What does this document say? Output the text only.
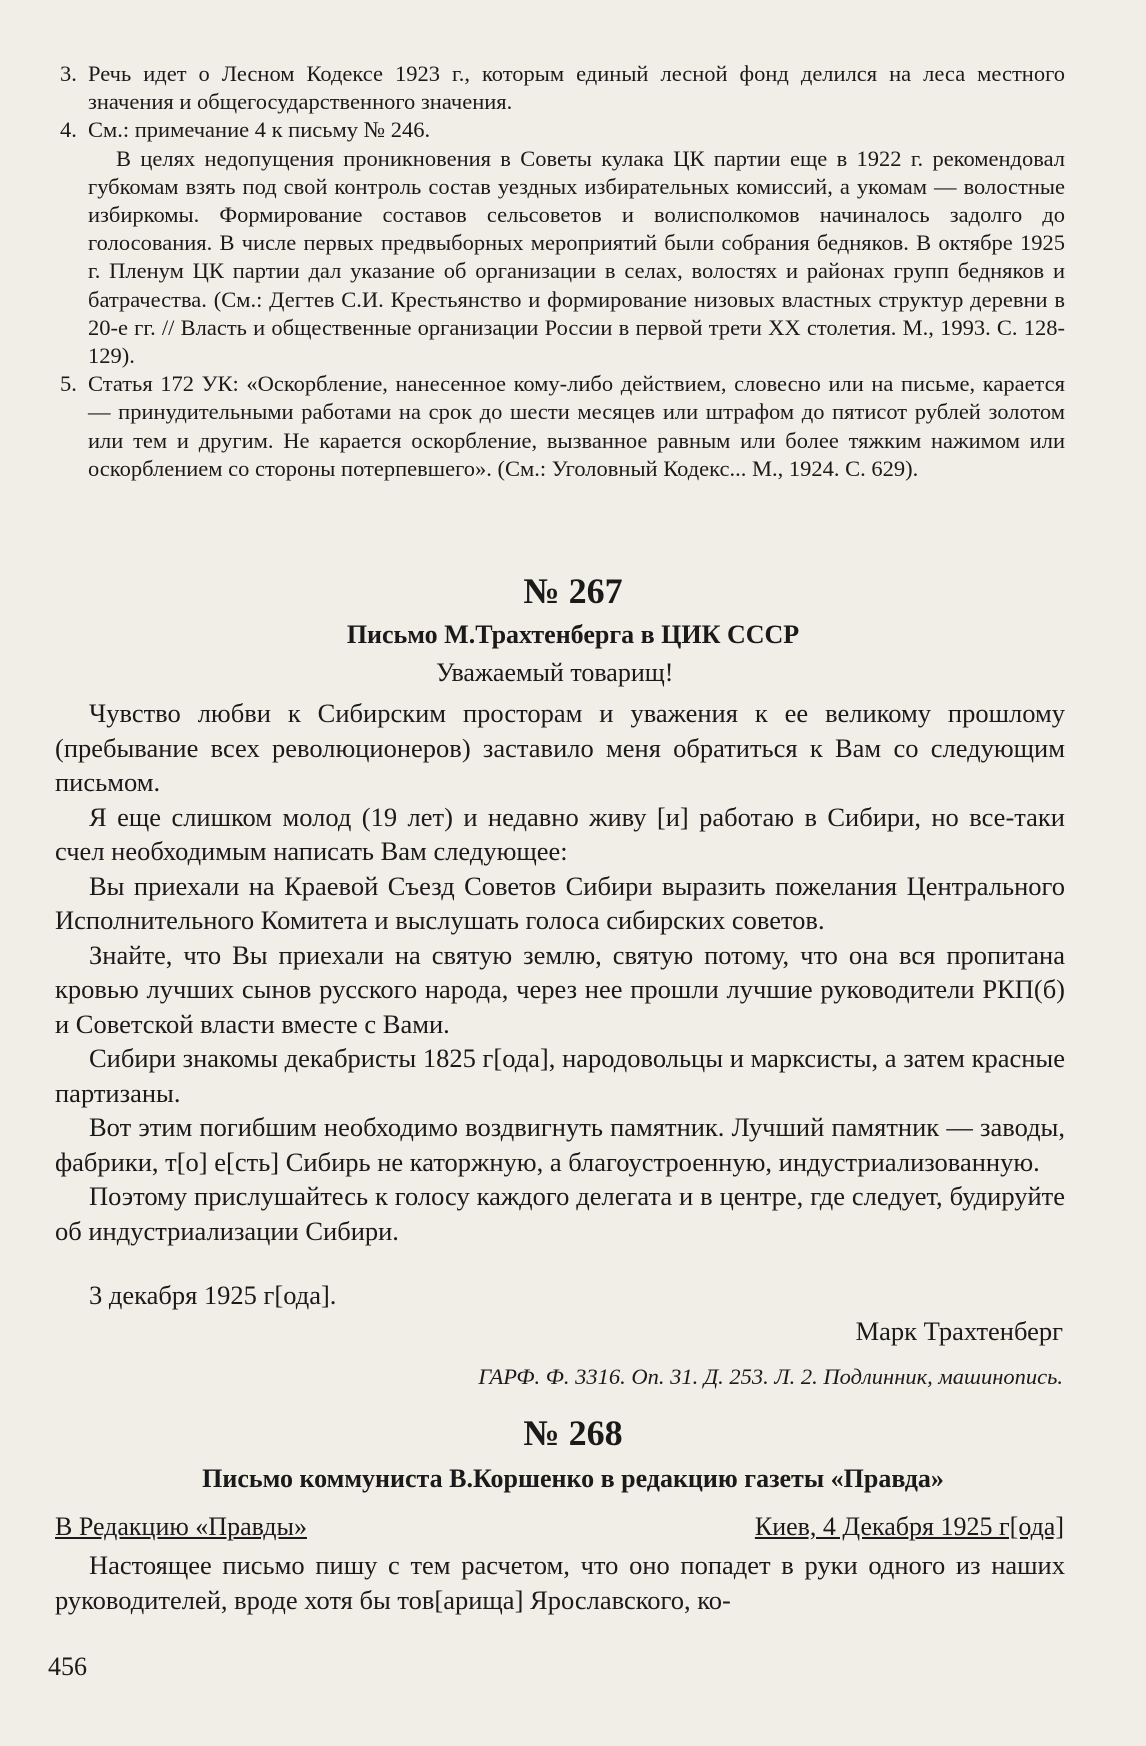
3. Речь идет о Лесном Кодексе 1923 г., которым единый лесной фонд делился на леса местного значения и общегосударственного значения.
4. См.: примечание 4 к письму № 246.
В целях недопущения проникновения в Советы кулака ЦК партии еще в 1922 г. рекомендовал губкомам взять под свой контроль состав уездных избирательных комиссий, а укомам — волостные избиркомы. Формирование составов сельсоветов и волисполкомов начиналось задолго до голосования. В числе первых предвыборных мероприятий были собрания бедняков. В октябре 1925 г. Пленум ЦК партии дал указание об организации в селах, волостях и районах групп бедняков и батрачества. (См.: Дегтев С.И. Крестьянство и формирование низовых властных структур деревни в 20-е гг. // Власть и общественные организации России в первой трети XX столетия. М., 1993. С. 128-129).
5. Статья 172 УК: «Оскорбление, нанесенное кому-либо действием, словесно или на письме, карается — принудительными работами на срок до шести месяцев или штрафом до пятисот рублей золотом или тем и другим. Не карается оскорбление, вызванное равным или более тяжким нажимом или оскорблением со стороны потерпевшего». (См.: Уголовный Кодекс... М., 1924. С. 629).
№ 267
Письмо М.Трахтенберга в ЦИК СССР
Уважаемый товарищ!

Чувство любви к Сибирским просторам и уважения к ее великому прошлому (пребывание всех революционеров) заставило меня обратиться к Вам со следующим письмом.

Я еще слишком молод (19 лет) и недавно живу [и] работаю в Сибири, но все-таки счел необходимым написать Вам следующее:

Вы приехали на Краевой Съезд Советов Сибири выразить пожелания Центрального Исполнительного Комитета и выслушать голоса сибирских советов.

Знайте, что Вы приехали на святую землю, святую потому, что она вся пропитана кровью лучших сынов русского народа, через нее прошли лучшие руководители РКП(б) и Советской власти вместе с Вами.

Сибири знакомы декабристы 1825 г[ода], народовольцы и марксисты, а затем красные партизаны.

Вот этим погибшим необходимо воздвигнуть памятник. Лучший памятник — заводы, фабрики, т[о] е[сть] Сибирь не каторжную, а благоустроенную, индустриализованную.

Поэтому прислушайтесь к голосу каждого делегата и в центре, где следует, будируйте об индустриализации Сибири.

3 декабря 1925 г[ода].
Марк Трахтенберг
ГАРФ. Ф. 3316. Оп. 31. Д. 253. Л. 2. Подлинник, машинопись.
№ 268
Письмо коммуниста В.Коршенко в редакцию газеты «Правда»
В Редакцию «Правды»	Киев, 4 Декабря 1925 г[ода]

Настоящее письмо пишу с тем расчетом, что оно попадет в руки одного из наших руководителей, вроде хотя бы тов[арища] Ярославского, ко-

456
